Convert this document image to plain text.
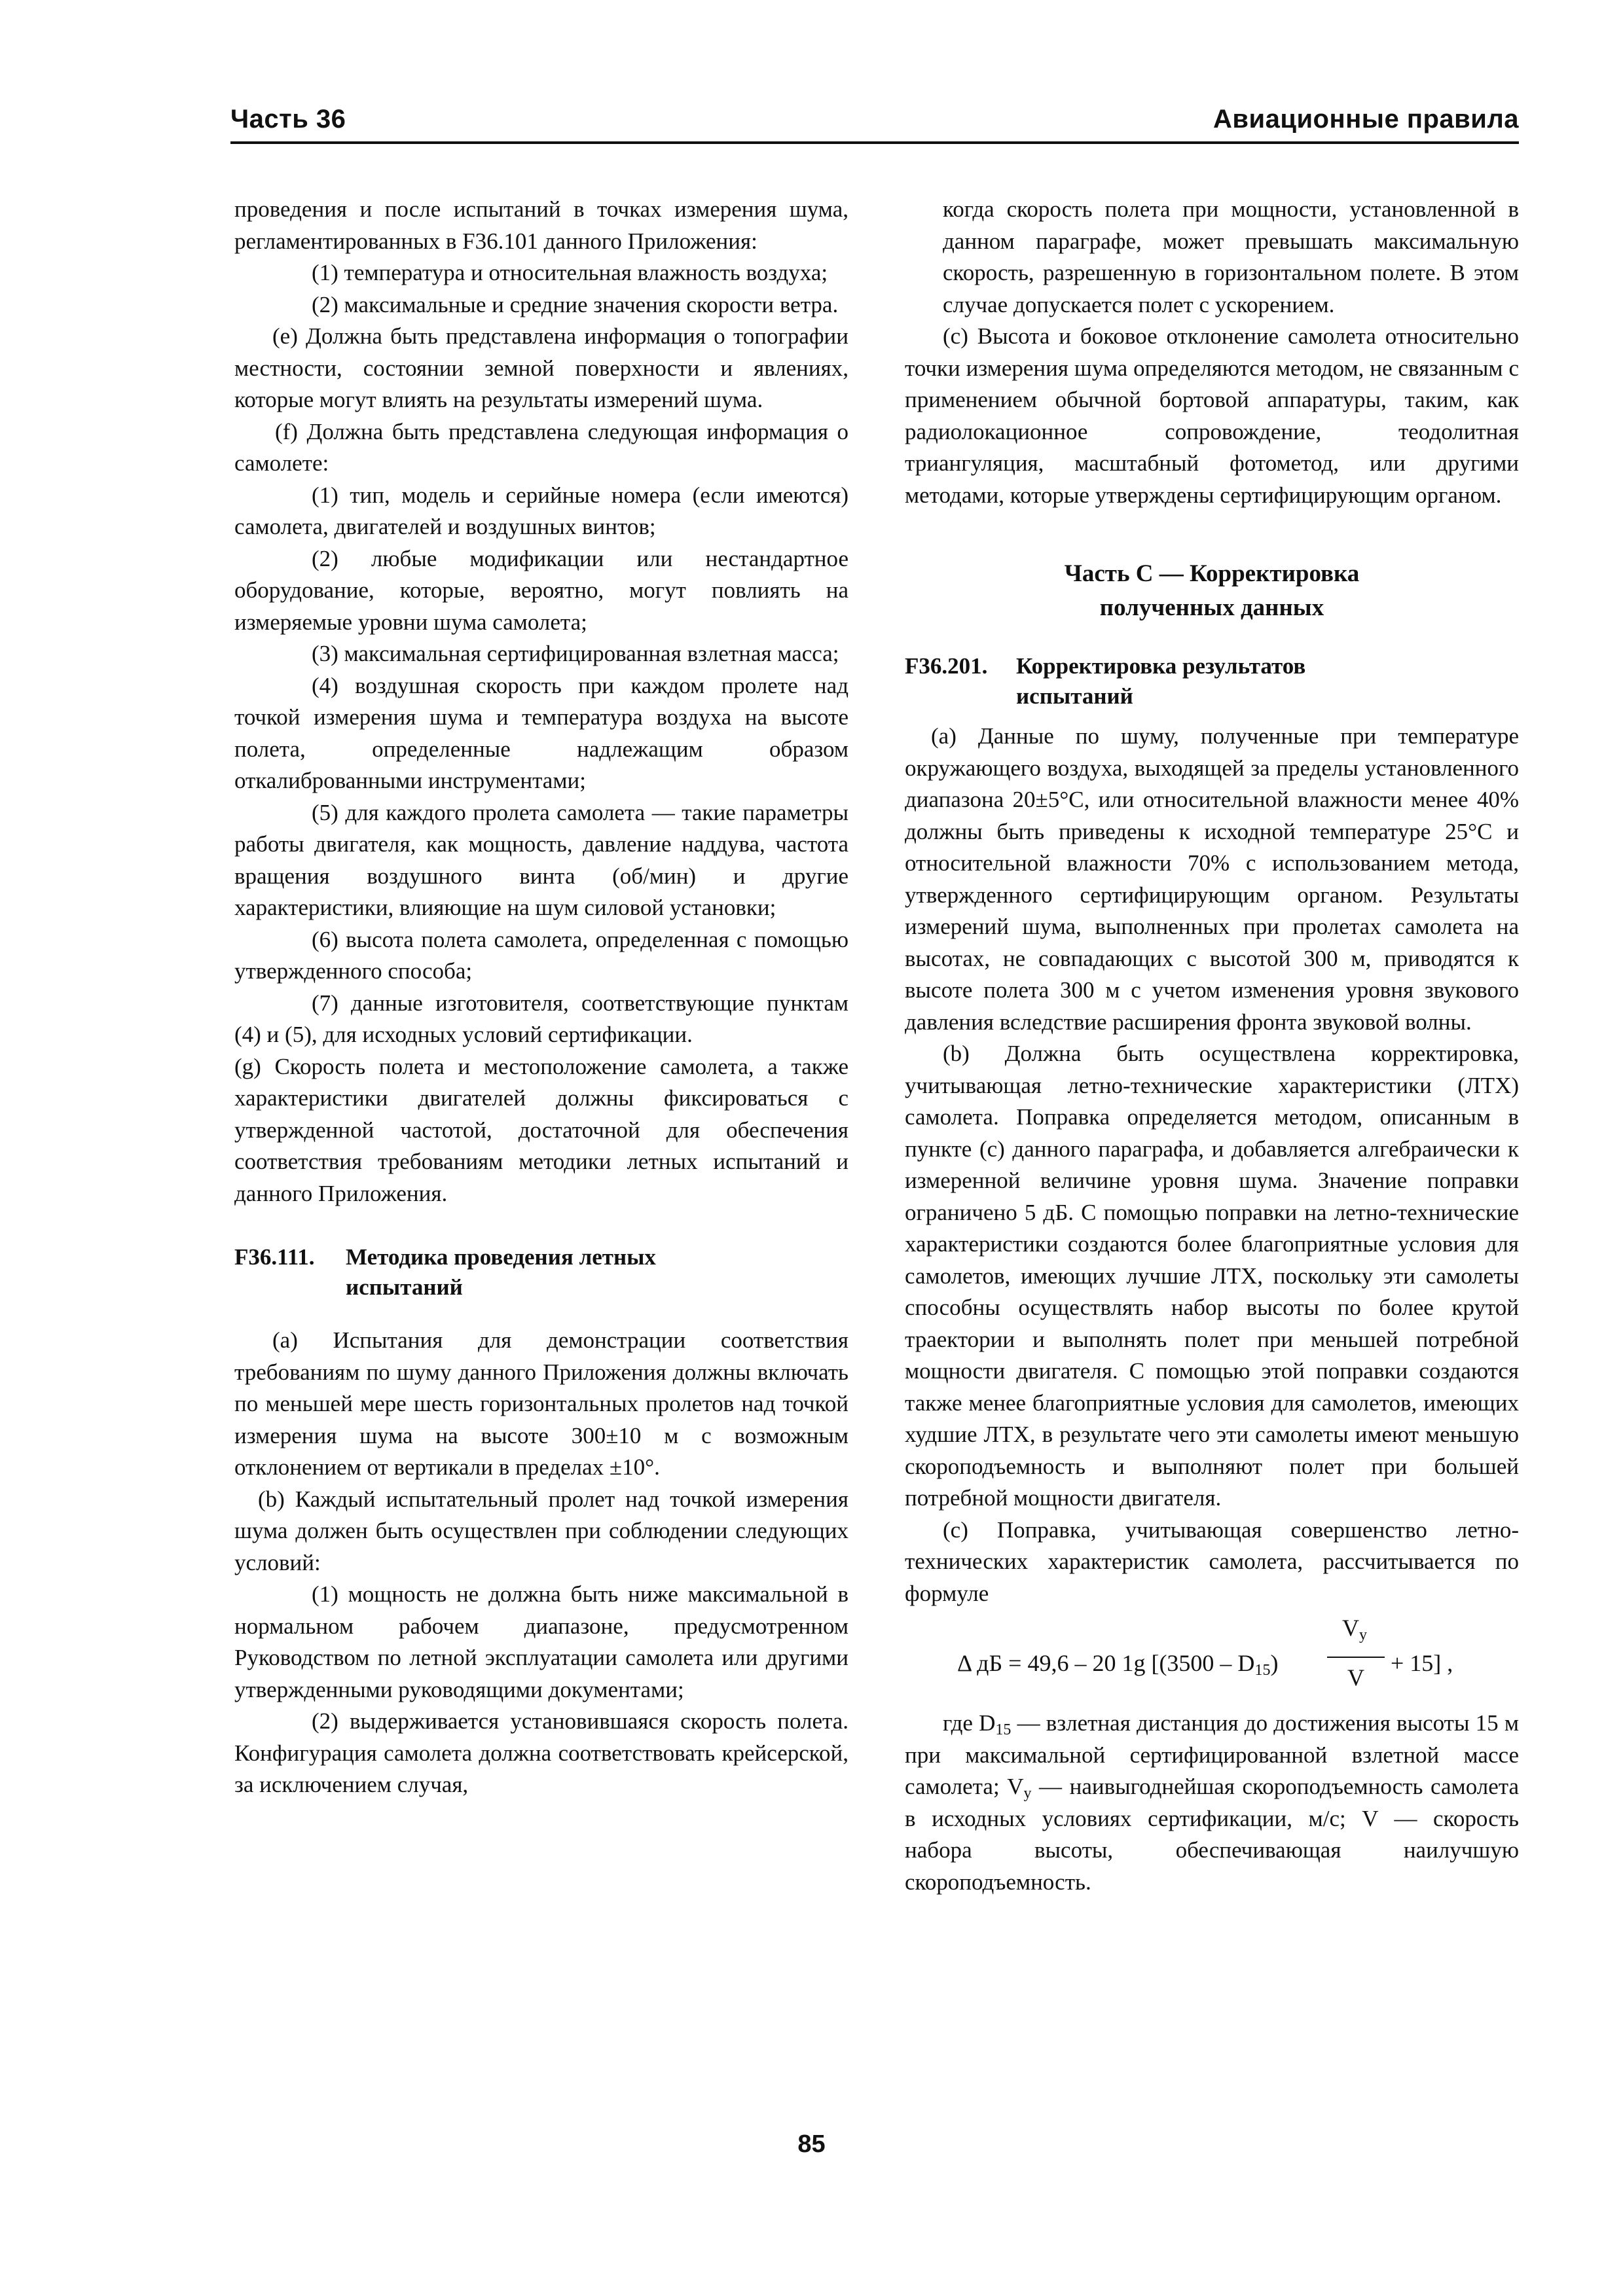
Часть 36	Авиационные правила

проведения и после испытаний в точках измерения шума, регламентированных в F36.101 данного Приложения:

(1) температура и относительная влажность воздуха;

(2) максимальные и средние значения скорости ветра.

(e) Должна быть представлена информация о топографии местности, состоянии земной поверхности и явлениях, которые могут влиять на результаты измерений шума.

(f) Должна быть представлена следующая информация о самолете:

(1) тип, модель и серийные номера (если имеются) самолета, двигателей и воздушных винтов;

(2) любые модификации или нестандартное оборудование, которые, вероятно, могут повлиять на измеряемые уровни шума самолета;

(3) максимальная сертифицированная взлетная масса;

(4) воздушная скорость при каждом пролете над точкой измерения шума и температура воздуха на высоте полета, определенные надлежащим образом откалиброванными инструментами;

(5) для каждого пролета самолета — такие параметры работы двигателя, как мощность, давление наддува, частота вращения воздушного винта (об/мин) и другие характеристики, влияющие на шум силовой установки;

(6) высота полета самолета, определенная с помощью утвержденного способа;

(7) данные изготовителя, соответствующие пунктам (4) и (5), для исходных условий сертификации.

(g) Скорость полета и местоположение самолета, а также характеристики двигателей должны фиксироваться с утвержденной частотой, достаточной для обеспечения соответствия требованиям методики летных испытаний и данного Приложения.

F36.111.	Методика проведения летных испытаний

(a) Испытания для демонстрации соответствия требованиям по шуму данного Приложения должны включать по меньшей мере шесть горизонтальных пролетов над точкой измерения шума на высоте 300±10 м с возможным отклонением от вертикали в пределах ±10°.

(b) Каждый испытательный пролет над точкой измерения шума должен быть осуществлен при соблюдении следующих условий:

(1) мощность не должна быть ниже максимальной в нормальном рабочем диапазоне, предусмотренном Руководством по летной эксплуатации самолета или другими утвержденными руководящими документами;

(2) выдерживается установившаяся скорость полета. Конфигурация самолета должна соответствовать крейсерской, за исключением случая,

когда скорость полета при мощности, установленной в данном параграфе, может превышать максимальную скорость, разрешенную в горизонтальном полете. В этом случае допускается полет с ускорением.

(c) Высота и боковое отклонение самолета относительно точки измерения шума определяются методом, не связанным с применением обычной бортовой аппаратуры, таким, как радиолокационное сопровождение, теодолитная триангуляция, масштабный фотометод, или другими методами, которые утверждены сертифицирующим органом.

Часть С — Корректировка
полученных данных
F36.201.	Корректировка результатов испытаний

(a) Данные по шуму, полученные при температуре окружающего воздуха, выходящей за пределы установленного диапазона 20±5°С, или относительной влажности менее 40% должны быть приведены к исходной температуре 25°С и относительной влажности 70% с использованием метода, утвержденного сертифицирующим органом. Результаты измерений шума, выполненных при пролетах самолета на высотах, не совпадающих с высотой 300 м, приводятся к высоте полета 300 м с учетом изменения уровня звукового давления вследствие расширения фронта звуковой волны.

(b) Должна быть осуществлена корректировка, учитывающая летно-технические характеристики (ЛТХ) самолета. Поправка определяется методом, описанным в пункте (c) данного параграфа, и добавляется алгебраически к измеренной величине уровня шума. Значение поправки ограничено 5 дБ. С помощью поправки на летно-технические характеристики создаются более благоприятные условия для самолетов, имеющих лучшие ЛТХ, поскольку эти самолеты способны осуществлять набор высоты по более крутой траектории и выполнять полет при меньшей потребной мощности двигателя. С помощью этой поправки создаются также менее благоприятные условия для самолетов, имеющих худшие ЛТХ, в результате чего эти самолеты имеют меньшую скороподъемность и выполняют полет при большей потребной мощности двигателя.

(c) Поправка, учитывающая совершенство летно-технических характеристик самолета, рассчитывается по формуле

Δ дБ = 49,6 – 20 1g [$(3500 - D_{15})$
$V_y$
V
+ 15] ,

где $D_{15}$ — взлетная дистанция до достижения высоты 15 м при максимальной сертифицированной взлетной массе самолета; $V_y$ — наивыгоднейшая скороподъемность самолета в исходных условиях сертификации, м/с; V — скорость набора высоты, обеспечивающая наилучшую скороподъемность.

85
